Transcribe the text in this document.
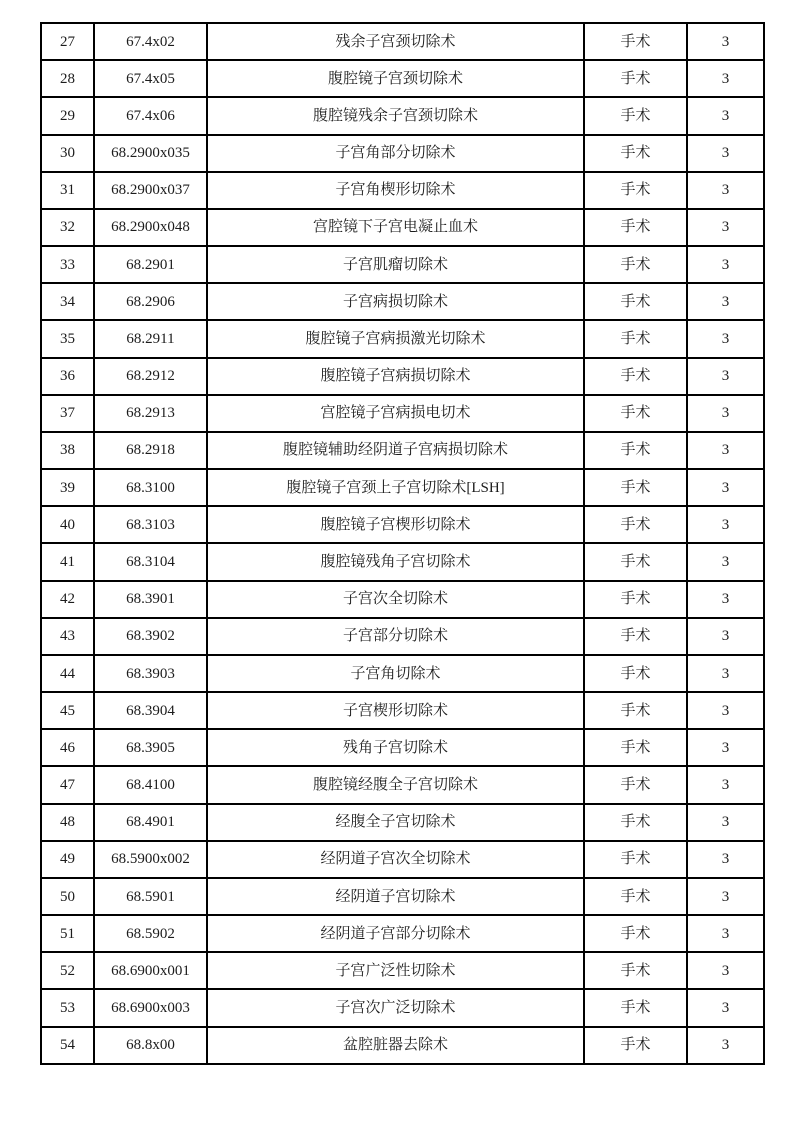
27	67.4x02	残余子宫颈切除术	手术	3
28	67.4x05	腹腔镜子宫颈切除术	手术	3
29	67.4x06	腹腔镜残余子宫颈切除术	手术	3
30	68.2900x035	子宫角部分切除术	手术	3
31	68.2900x037	子宫角楔形切除术	手术	3
32	68.2900x048	宫腔镜下子宫电凝止血术	手术	3
33	68.2901	子宫肌瘤切除术	手术	3
34	68.2906	子宫病损切除术	手术	3
35	68.2911	腹腔镜子宫病损激光切除术	手术	3
36	68.2912	腹腔镜子宫病损切除术	手术	3
37	68.2913	宫腔镜子宫病损电切术	手术	3
38	68.2918	腹腔镜辅助经阴道子宫病损切除术	手术	3
39	68.3100	腹腔镜子宫颈上子宫切除术[LSH]	手术	3
40	68.3103	腹腔镜子宫楔形切除术	手术	3
41	68.3104	腹腔镜残角子宫切除术	手术	3
42	68.3901	子宫次全切除术	手术	3
43	68.3902	子宫部分切除术	手术	3
44	68.3903	子宫角切除术	手术	3
45	68.3904	子宫楔形切除术	手术	3
46	68.3905	残角子宫切除术	手术	3
47	68.4100	腹腔镜经腹全子宫切除术	手术	3
48	68.4901	经腹全子宫切除术	手术	3
49	68.5900x002	经阴道子宫次全切除术	手术	3
50	68.5901	经阴道子宫切除术	手术	3
51	68.5902	经阴道子宫部分切除术	手术	3
52	68.6900x001	子宫广泛性切除术	手术	3
53	68.6900x003	子宫次广泛切除术	手术	3
54	68.8x00	盆腔脏器去除术	手术	3
